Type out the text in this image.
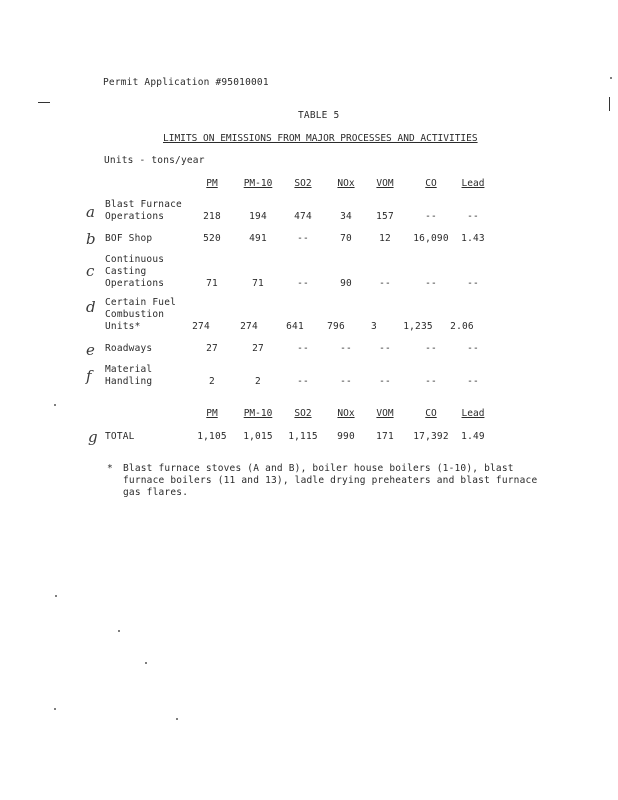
Permit Application #95010001
TABLE 5
LIMITS ON EMISSIONS FROM MAJOR PROCESSES AND ACTIVITIES
Units - tons/year
PM	PM-10	SO2	NOx	VOM	CO	Lead
a Blast Furnace
Operations	218	194	474	34	157	--	--
b BOF Shop	520	491	--	70	12	16,090	1.43
c
Continuous
Casting
Operations	71	71	--	90	--	--	--
d Certain Fuel
Combustion
Units*	274	274	641	796	3	1,235	2.06
e Roadways	27	27	--	--	--	--	--
f Material
Handling	2	2	--	--	--	--	--
PM	PM-10	SO2	NOx	VOM	CO	Lead
g TOTAL	1,105	1,015	1,115	990	171	17,392	1.49
* Blast furnace stoves (A and B), boiler house boilers (1-10), blast
furnace boilers (11 and 13), ladle drying preheaters and blast furnace
gas flares.
